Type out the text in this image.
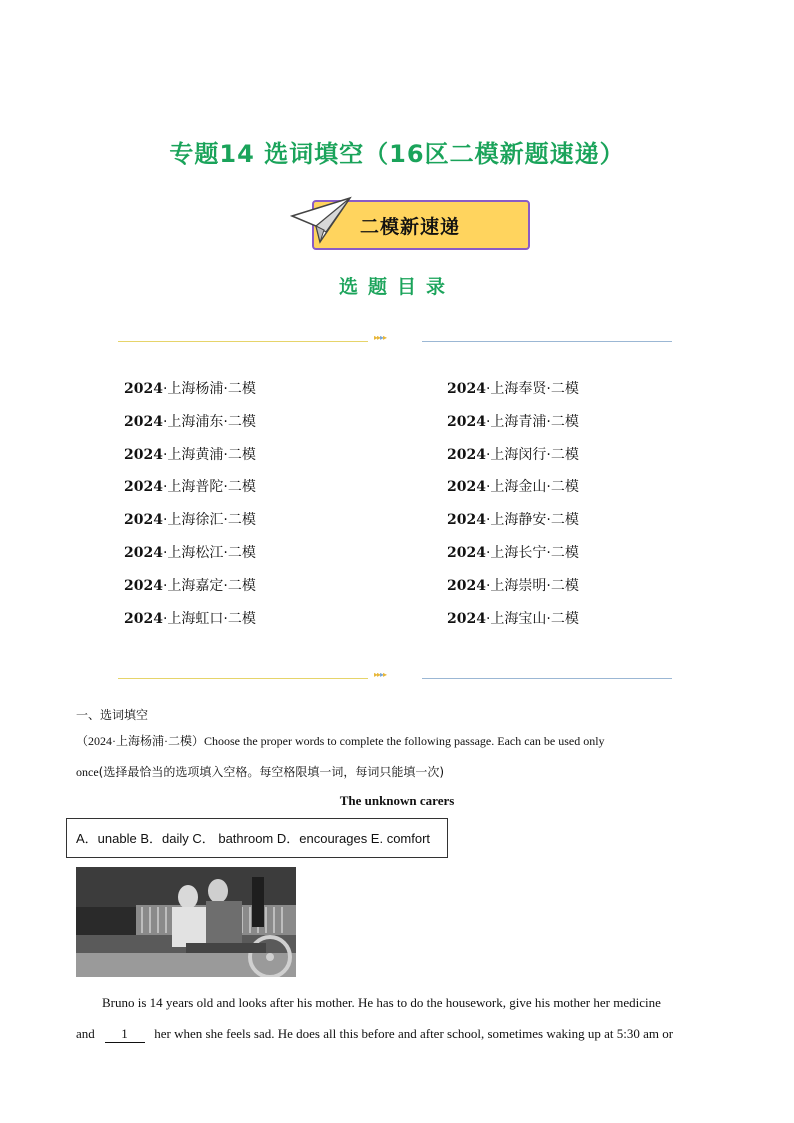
专题14 选词填空（16区二模新题速递）
二模新速递
选题目录
▸▸▸▸
2024·上海杨浦·二模
2024·上海浦东·二模
2024·上海黄浦·二模
2024·上海普陀·二模
2024·上海徐汇·二模
2024·上海松江·二模
2024·上海嘉定·二模
2024·上海虹口·二模
2024·上海奉贤·二模
2024·上海青浦·二模
2024·上海闵行·二模
2024·上海金山·二模
2024·上海静安·二模
2024·上海长宁·二模
2024·上海崇明·二模
2024·上海宝山·二模
▸▸▸▸
一、选词填空
（2024·上海杨浦·二模）Choose the proper words to complete the following passage. Each can be used only
once(选择最恰当的选项填入空格。每空格限填一词，每词只能填一次)
The unknown carers
A．unable B．daily C． bathroom D．encourages E. comfort
Bruno is 14 years old and looks after his mother. He has to do the housework, give his mother her medicine
and 1 her when she feels sad. He does all this before and after school, sometimes waking up at 5:30 am or
